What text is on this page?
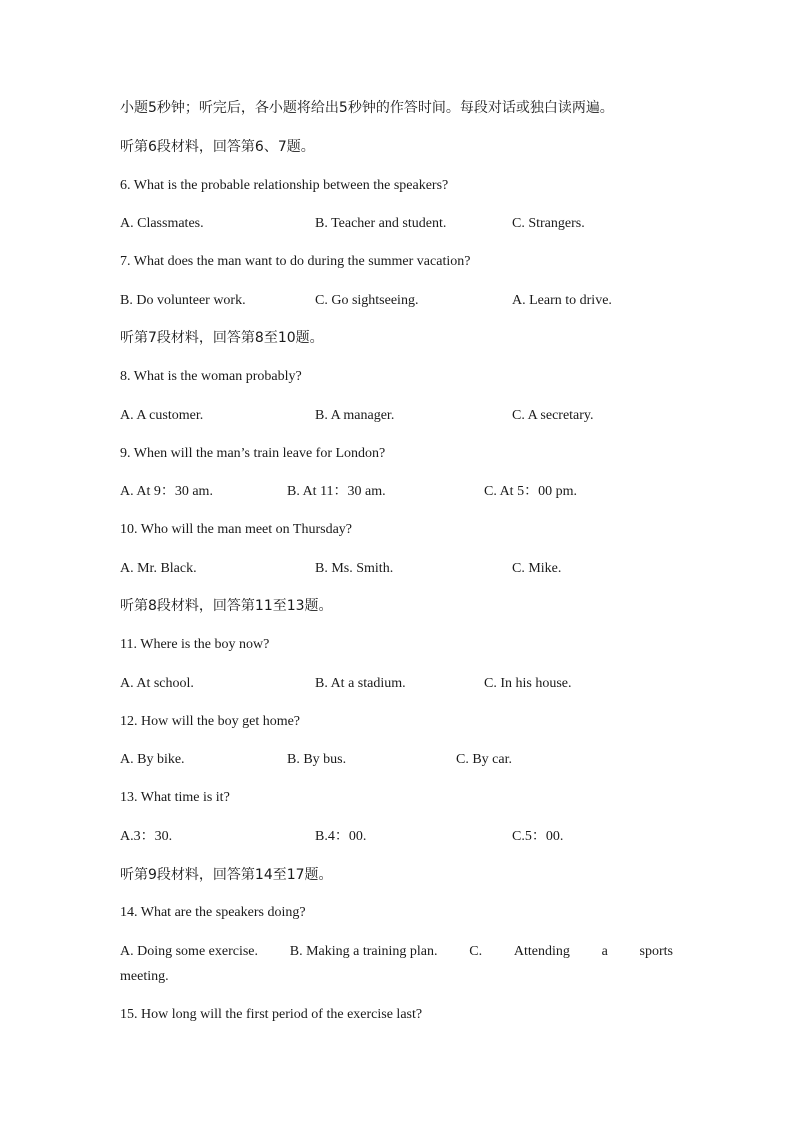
小题5秒钟；听完后，各小题将给出5秒钟的作答时间。每段对话或独白读两遍。
听第6段材料，回答第6、7题。
6. What is the probable relationship between the speakers?
A. Classmates.	B. Teacher and student.	C. Strangers.
7. What does the man want to do during the summer vacation?
B. Do volunteer work.	C. Go sightseeing.	A. Learn to drive.
听第7段材料，回答第8至10题。
8. What is the woman probably?
A. A customer.	B. A manager.	C. A secretary.
9. When will the man’s train leave for London?
A. At 9：30 am.	B. At 11：30 am.	C. At 5：00 pm.
10. Who will the man meet on Thursday?
A. Mr. Black.	B. Ms. Smith.	C. Mike.
听第8段材料，回答第11至13题。
11. Where is the boy now?
A. At school.	B. At a stadium.	C. In his house.
12. How will the boy get home?
A. By bike.	B. By bus.	C. By car.
13. What time is it?
A.3：30.	B.4：00.	C.5：00.
听第9段材料，回答第14至17题。
14. What are the speakers doing?
A. Doing some exercise. B. Making a training plan. C. Attending a sports
meeting.
15. How long will the first period of the exercise last?
